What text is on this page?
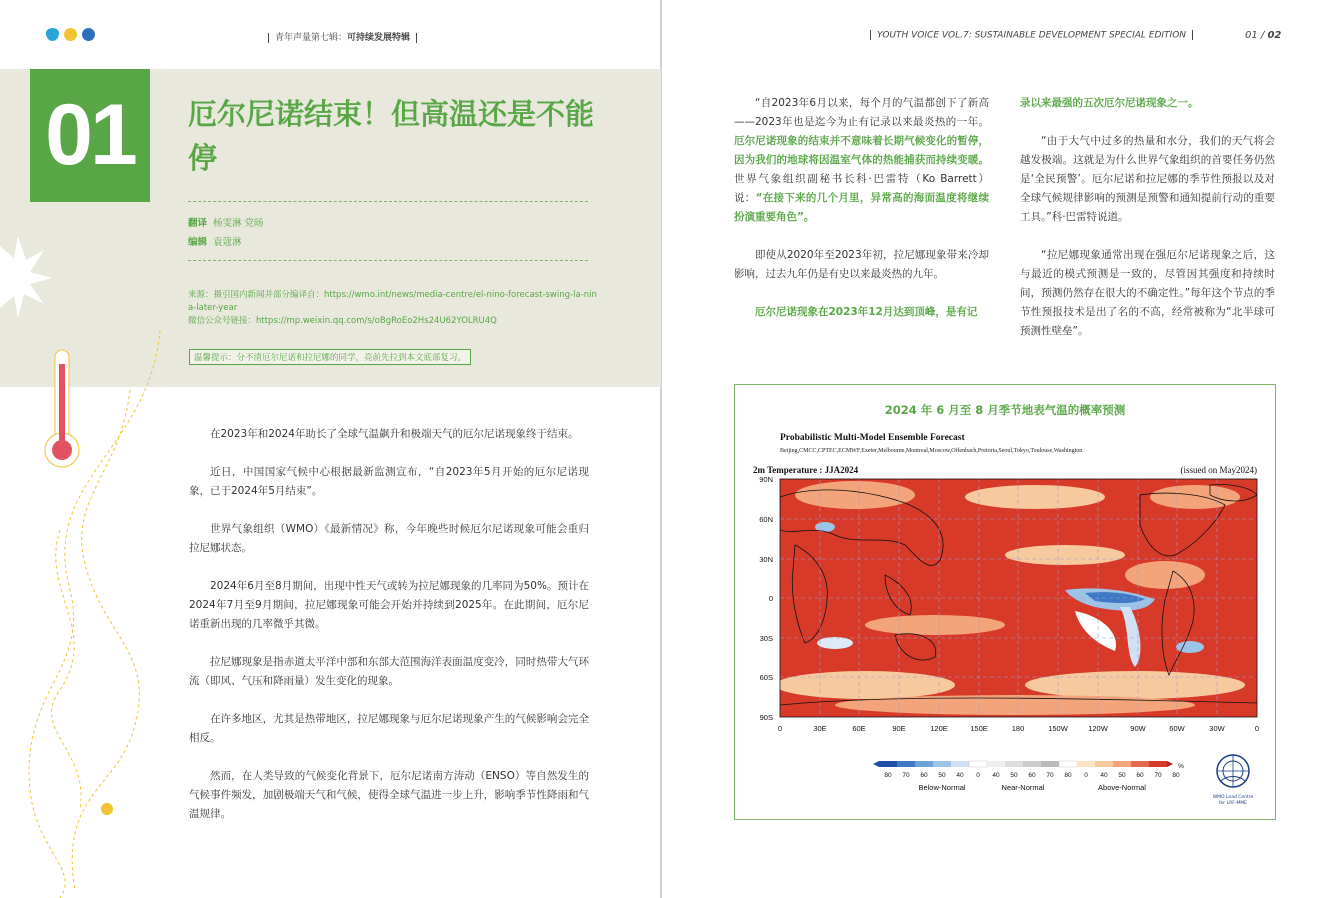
青年声量第七辑：可持续发展特辑
01	厄尔尼诺结束！但高温还是不能停
翻译 杨雯淋 党旸
编辑 袁蔻淋
来源：摄引国内新闻并部分编译自：https://wmo.int/news/media-centre/el-nino-forecast-swing-la-nina-later-year
微信公众号链接：https://mp.weixin.qq.com/s/oBgRoEo2Hs24U62YOLRU4Q
温馨提示：分不清厄尔尼诺和拉尼娜的同学，亮前先拉到本文底部复习。

在2023年和2024年助长了全球气温飙升和极端天气的厄尔尼诺现象终于结束。

近日，中国国家气候中心根据最新监测宣布，“自2023年5月开始的厄尔尼诺现象，已于2024年5月结束”。

世界气象组织（WMO）《最新情况》称，今年晚些时候厄尔尼诺现象可能会重归拉尼娜状态。

2024年6月至8月期间，出现中性天气或转为拉尼娜现象的几率同为50%。预计在2024年7月至9月期间，拉尼娜现象可能会开始并持续到2025年。在此期间，厄尔尼诺重新出现的几率微乎其微。

拉尼娜现象是指赤道太平洋中部和东部大范围海洋表面温度变冷，同时热带大气环流（即风、气压和降雨量）发生变化的现象。

在许多地区，尤其是热带地区，拉尼娜现象与厄尔尼诺现象产生的气候影响会完全相反。

然而，在人类导致的气候变化背景下，厄尔尼诺南方涛动（ENSO）等自然发生的气候事件频发，加剧极端天气和气候，使得全球气温进一步上升，影响季节性降雨和气温规律。

YOUTH VOICE VOL.7: SUSTAINABLE DEVELOPMENT SPECIAL EDITION	01 / 02

“自2023年6月以来，每个月的气温都创下了新高——2023年也是迄今为止有记录以来最炎热的一年。厄尔尼诺现象的结束并不意味着长期气候变化的暂停，因为我们的地球将因温室气体的热能捕获而持续变暖。世界气象组织副秘书长科·巴雷特（Ko Barrett）说：“在接下来的几个月里，异常高的海面温度将继续扮演重要角色”。

即使从2020年至2023年初，拉尼娜现象带来冷却影响，过去九年仍是有史以来最炎热的九年。

厄尔尼诺现象在2023年12月达到顶峰，是有记

录以来最强的五次厄尔尼诺现象之一。

“由于大气中过多的热量和水分，我们的天气将会越发极端。这就是为什么世界气象组织的首要任务仍然是‘全民预警’。厄尔尼诺和拉尼娜的季节性预报以及对全球气候规律影响的预测是预警和通知提前行动的重要工具。”科·巴雷特说道。

“拉尼娜现象通常出现在强厄尔尼诺现象之后，这与最近的模式预测是一致的，尽管因其强度和持续时间，预测仍然存在很大的不确定性。”每年这个节点的季节性预报技术是出了名的不高，经常被称为“北半球可预测性壁垒”。

2024 年 6 月至 8 月季节地表气温的概率预测
Probabilistic Multi-Model Ensemble Forecast
Beijing,CMCC,CPTEC,ECMWF,Exeter,Melbourne,Montreal,Moscow,Offenbach,Pretoria,Seoul,Tokyo,Toulouse,Washington
2m Temperature : JJA2024	(issued on May2024)
90N
60N
30N
0
30S
60S
90S
0	30E	60E	90E	120E	150E	180	150W	120W	90W	60W	30W	0
80 70 60 50 40 0 40 50 60 70 80 0 40 50 60 70 80
%
Below-Normal	Near-Normal	Above-Normal
WMO Lead Centre for LRF-MME
